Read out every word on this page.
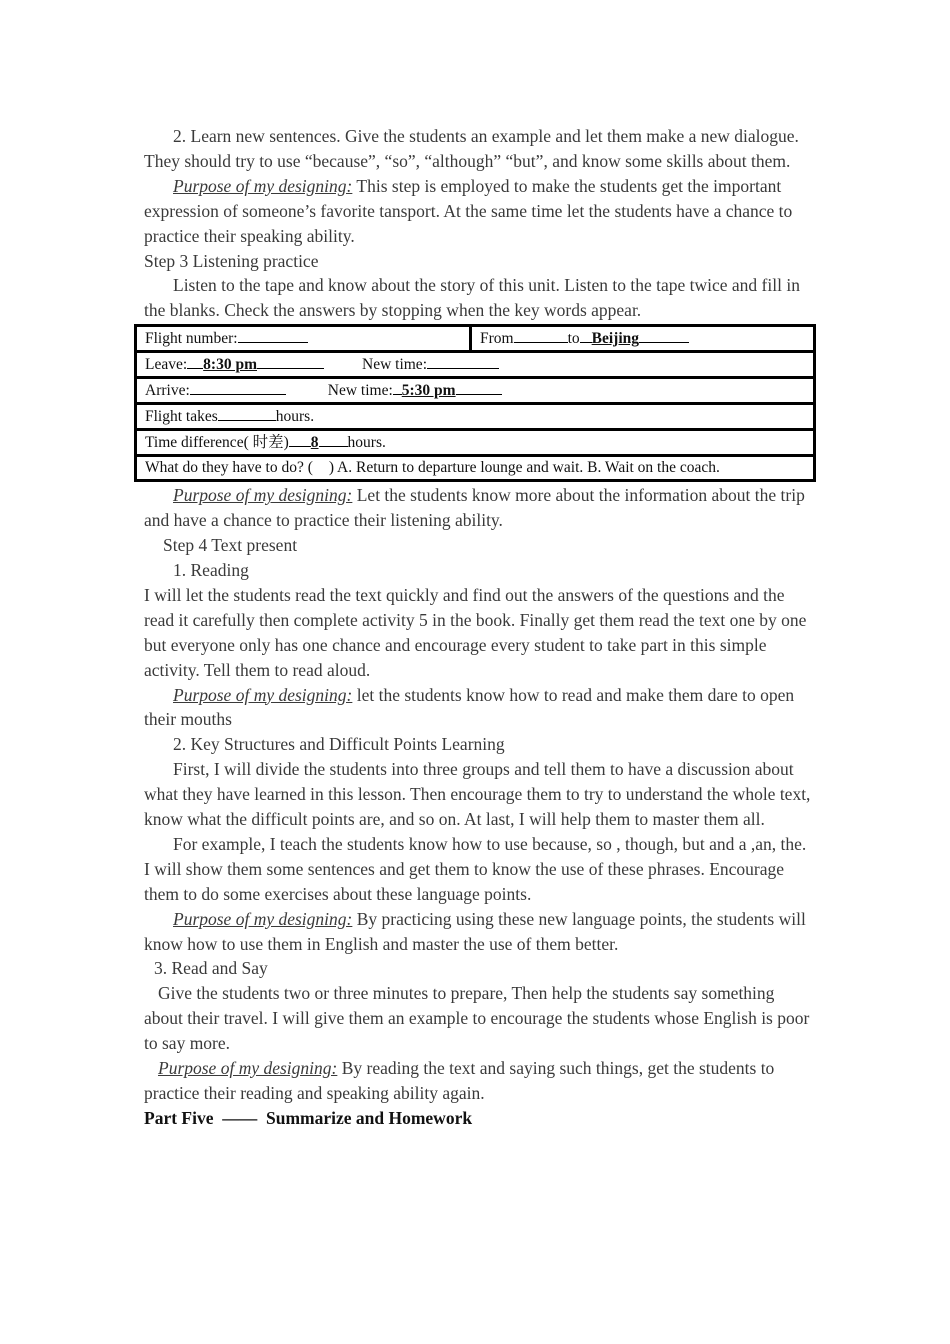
2. Learn new sentences. Give the students an example and let them make a new dialogue. They should try to use “because”, “so”, “although” “but”, and know some skills about them.

Purpose of my designing: This step is employed to make the students get the important expression of someone’s favorite tansport. At the same time let the students have a chance to practice their speaking ability.

Step 3 Listening practice

Listen to the tape and know about the story of this unit. Listen to the tape twice and fill in the blanks. Check the answers by stopping when the key words appear.

Flight number:	From	to Beijing
Leave: 8:30 pm	New time:
Arrive:	New time: 5:30 pm
Flight takes	hours.
Time difference( 时差) 8 hours.
What do they have to do? ( ) A. Return to departure lounge and wait. B. Wait on the coach.

Purpose of my designing: Let the students know more about the information about the trip and have a chance to practice their listening ability.

Step 4 Text present

1. Reading

I will let the students read the text quickly and find out the answers of the questions and the read it carefully then complete activity 5 in the book. Finally get them read the text one by one but everyone only has one chance and encourage every student to take part in this simple activity. Tell them to read aloud.

Purpose of my designing: let the students know how to read and make them dare to open their mouths

2. Key Structures and Difficult Points Learning

First, I will divide the students into three groups and tell them to have a discussion about what they have learned in this lesson. Then encourage them to try to understand the whole text, know what the difficult points are, and so on. At last, I will help them to master them all.

For example, I teach the students know how to use because, so , though, but and a ,an, the. I will show them some sentences and get them to know the use of these phrases. Encourage them to do some exercises about these language points.

Purpose of my designing: By practicing using these new language points, the students will know how to use them in English and master the use of them better.

3. Read and Say

Give the students two or three minutes to prepare, Then help the students say something about their travel. I will give them an example to encourage the students whose English is poor to say more.

Purpose of my designing: By reading the text and saying such things, get the students to practice their reading and speaking ability again.

Part Five  ——  Summarize and Homework
